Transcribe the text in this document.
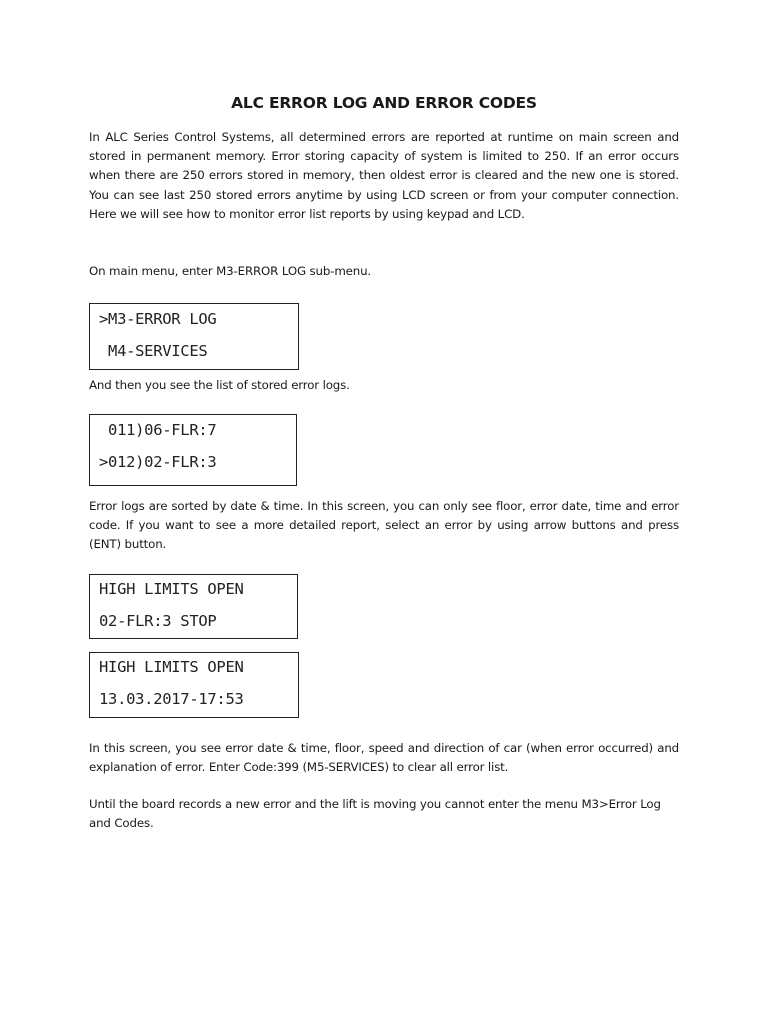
ALC ERROR LOG AND ERROR CODES

In ALC Series Control Systems, all determined errors are reported at runtime on main screen and stored in permanent memory. Error storing capacity of system is limited to 250. If an error occurs when there are 250 errors stored in memory, then oldest error is cleared and the new one is stored. You can see last 250 stored errors anytime by using LCD screen or from your computer connection. Here we will see how to monitor error list reports by using keypad and LCD.

On main menu, enter M3-ERROR LOG sub-menu.

>M3-ERROR LOG
M4-SERVICES

And then you see the list of stored error logs.

011)06-FLR:7
>012)02-FLR:3

Error logs are sorted by date & time. In this screen, you can only see floor, error date, time and error code. If you want to see a more detailed report, select an error by using arrow buttons and press (ENT) button.

HIGH LIMITS OPEN
02-FLR:3 STOP
HIGH LIMITS OPEN
13.03.2017-17:53

In this screen, you see error date & time, floor, speed and direction of car (when error occurred) and explanation of error. Enter Code:399 (M5-SERVICES) to clear all error list.

Until the board records a new error and the lift is moving you cannot enter the menu M3>Error Log and Codes.
